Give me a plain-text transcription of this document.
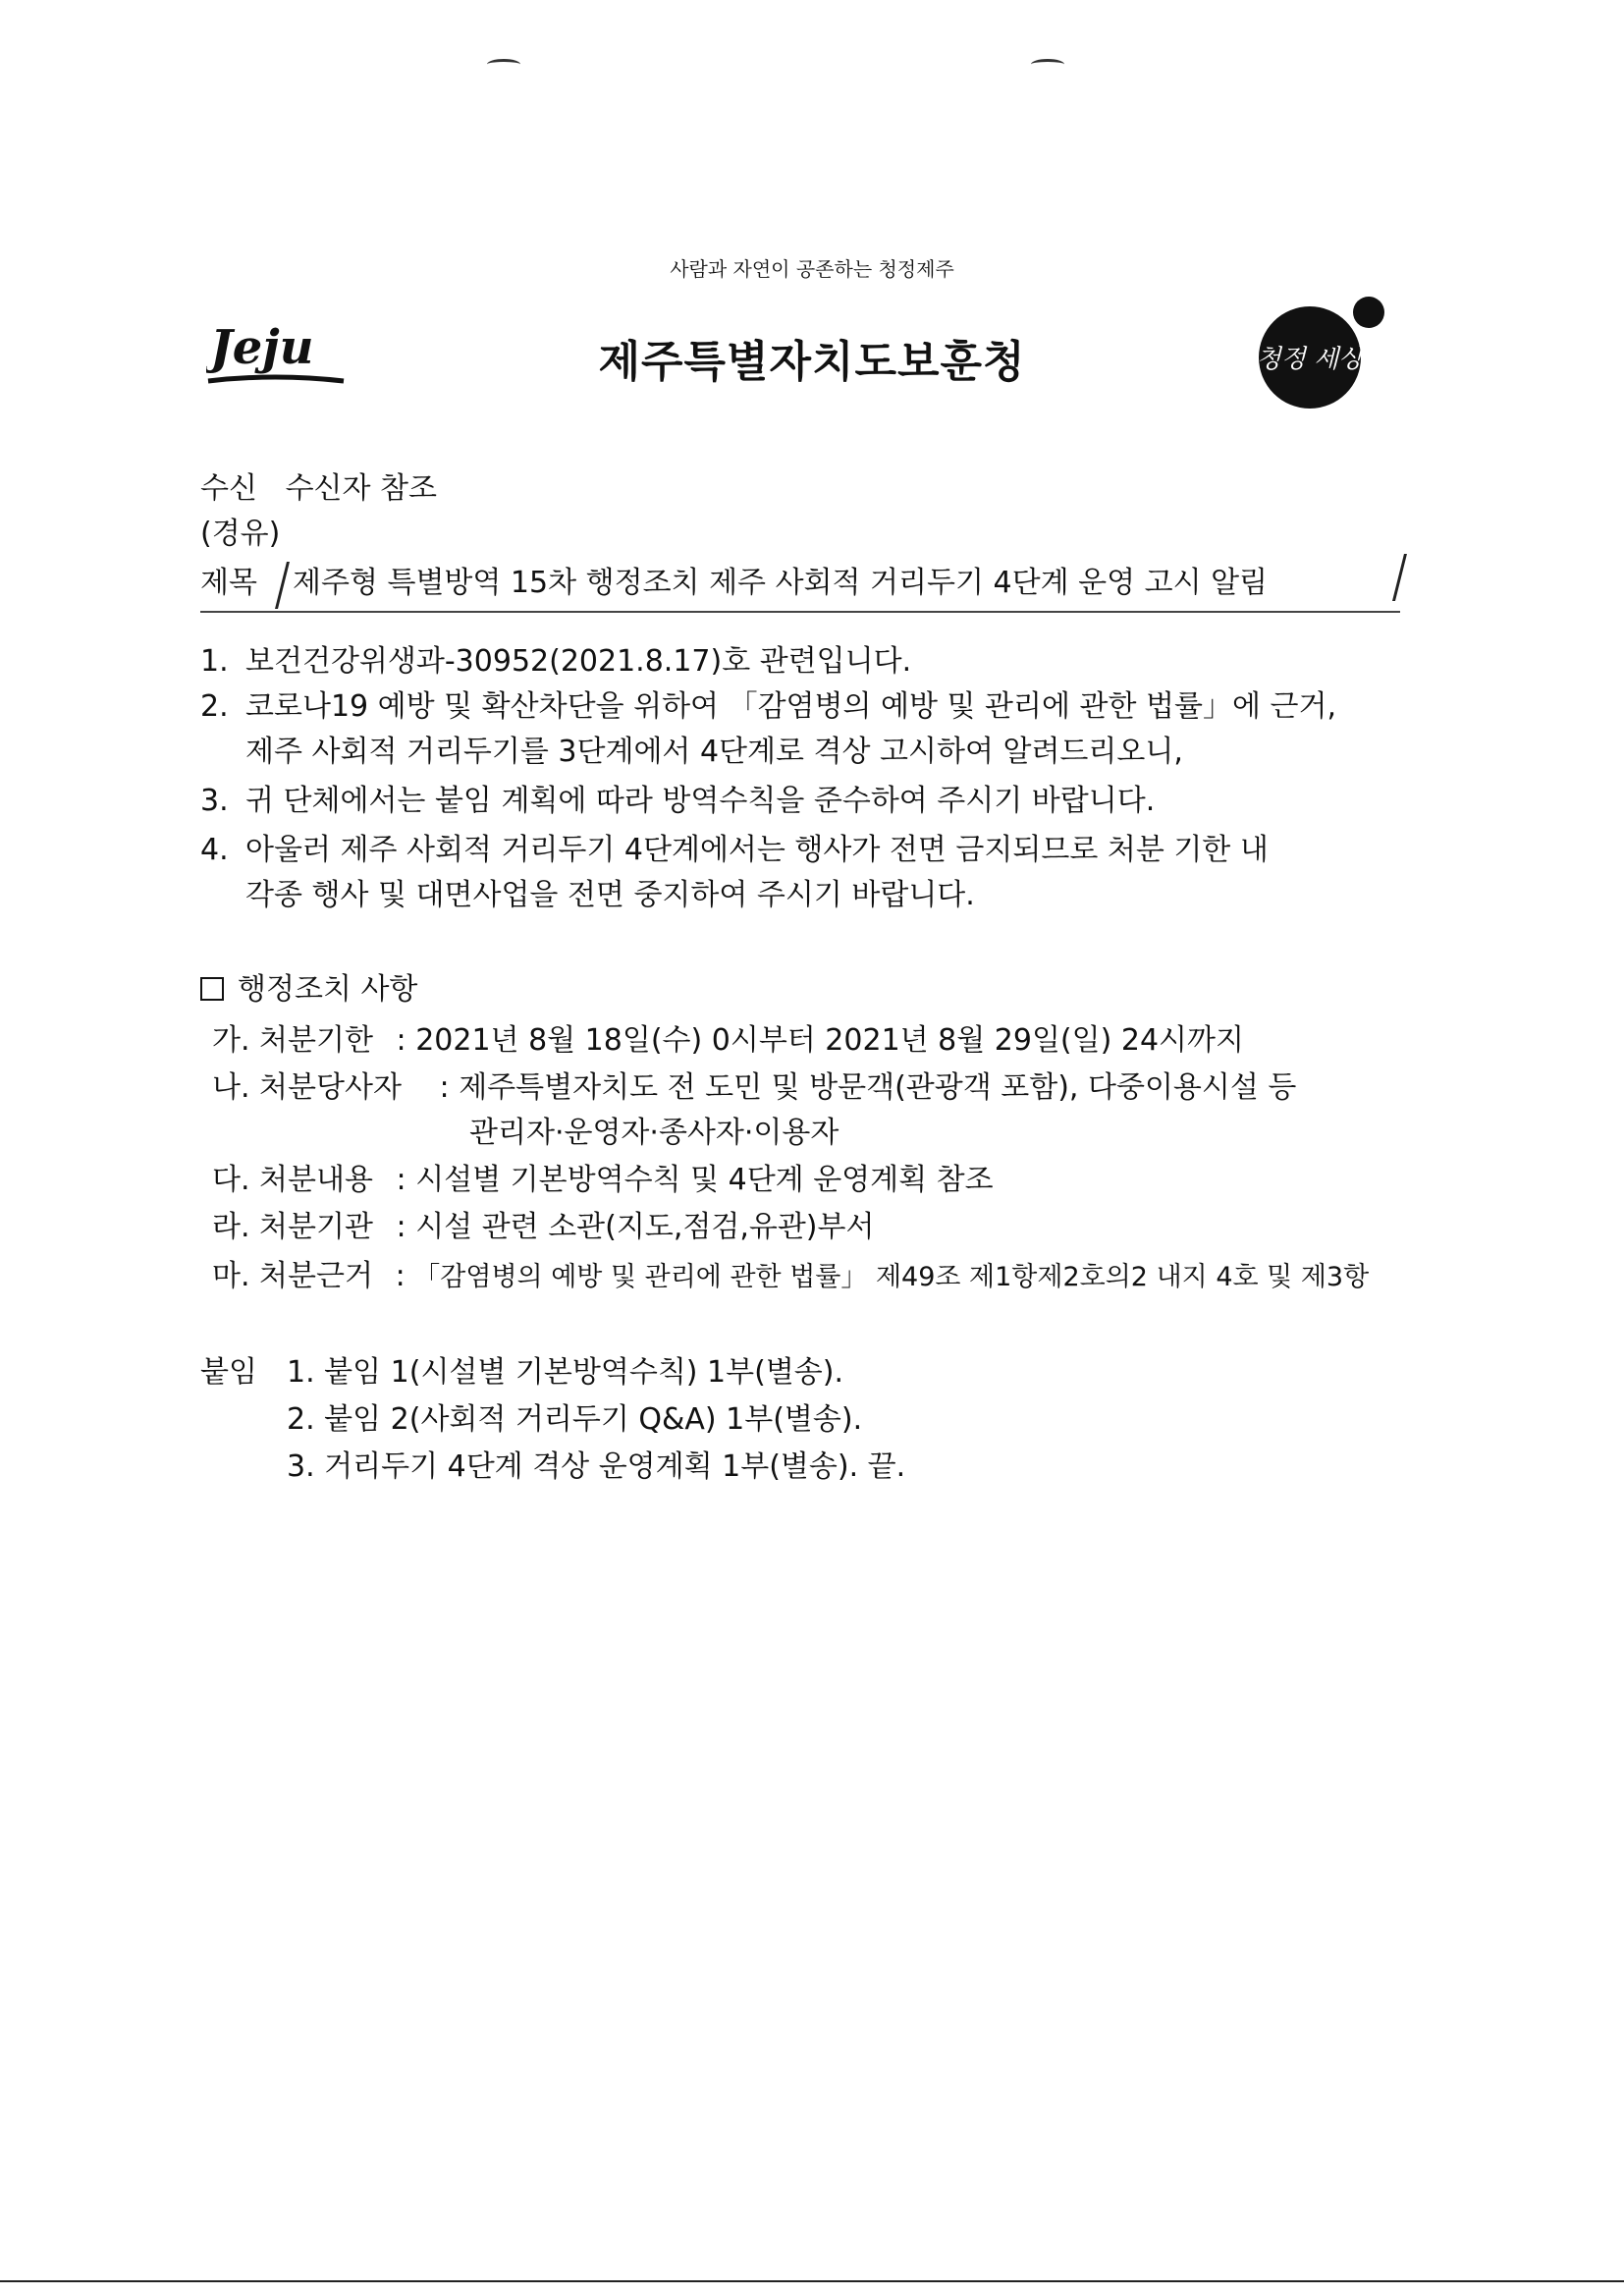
사람과 자연이 공존하는 청정제주
Jeju	제주특별자치도보훈청	청정 세상
수신 수신자 참조
(경유)
제목 제주형 특별방역 15차 행정조치 제주 사회적 거리두기 4단계 운영 고시 알림
1. 보건건강위생과-30952(2021.8.17)호 관련입니다.
2. 코로나19 예방 및 확산차단을 위하여 「감염병의 예방 및 관리에 관한 법률」에 근거,
제주 사회적 거리두기를 3단계에서 4단계로 격상 고시하여 알려드리오니,
3. 귀 단체에서는 붙임 계획에 따라 방역수칙을 준수하여 주시기 바랍니다.
4. 아울러 제주 사회적 거리두기 4단계에서는 행사가 전면 금지되므로 처분 기한 내
각종 행사 및 대면사업을 전면 중지하여 주시기 바랍니다.
행정조치 사항
가. 처분기한 : 2021년 8월 18일(수) 0시부터 2021년 8월 29일(일) 24시까지
나. 처분당사자 : 제주특별자치도 전 도민 및 방문객(관광객 포함), 다중이용시설 등
관리자·운영자·종사자·이용자
다. 처분내용 : 시설별 기본방역수칙 및 4단계 운영계획 참조
라. 처분기관 : 시설 관련 소관(지도,점검,유관)부서
마. 처분근거 : 「감염병의 예방 및 관리에 관한 법률」 제49조 제1항제2호의2 내지 4호 및 제3항
붙임 1. 붙임 1(시설별 기본방역수칙) 1부(별송).
2. 붙임 2(사회적 거리두기 Q&A) 1부(별송).
3. 거리두기 4단계 격상 운영계획 1부(별송). 끝.
